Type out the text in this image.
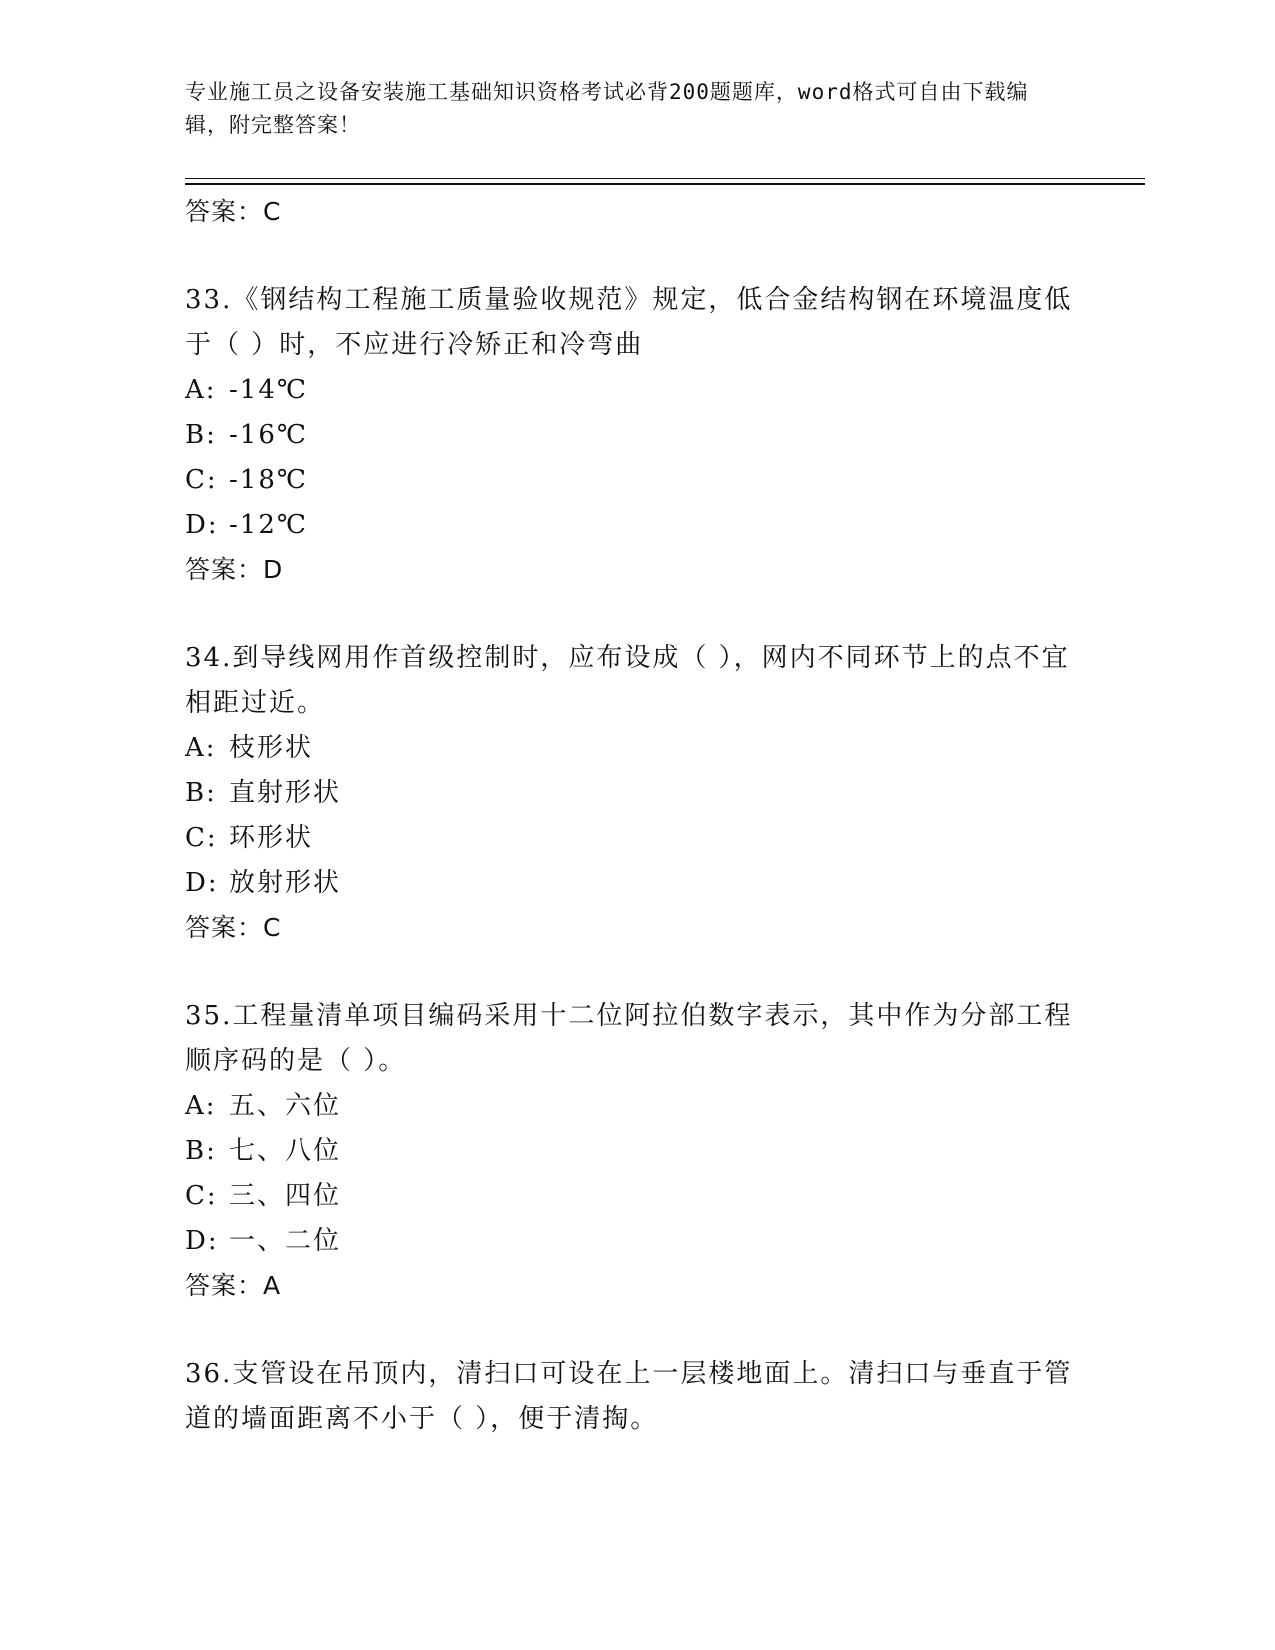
专业施工员之设备安装施工基础知识资格考试必背200题题库，word格式可自由下载编辑，附完整答案！
答案：C
33.《钢结构工程施工质量验收规范》规定，低合金结构钢在环境温度低于（ ）时，不应进行冷矫正和冷弯曲
A: -14℃
B: -16℃
C: -18℃
D: -12℃
答案：D
34.到导线网用作首级控制时，应布设成（ ），网内不同环节上的点不宜相距过近。
A: 枝形状
B: 直射形状
C: 环形状
D: 放射形状
答案：C
35.工程量清单项目编码采用十二位阿拉伯数字表示，其中作为分部工程顺序码的是（ ）。
A: 五、六位
B: 七、八位
C: 三、四位
D: 一、二位
答案：A
36.支管设在吊顶内，清扫口可设在上一层楼地面上。清扫口与垂直于管道的墙面距离不小于（ ），便于清掏。
